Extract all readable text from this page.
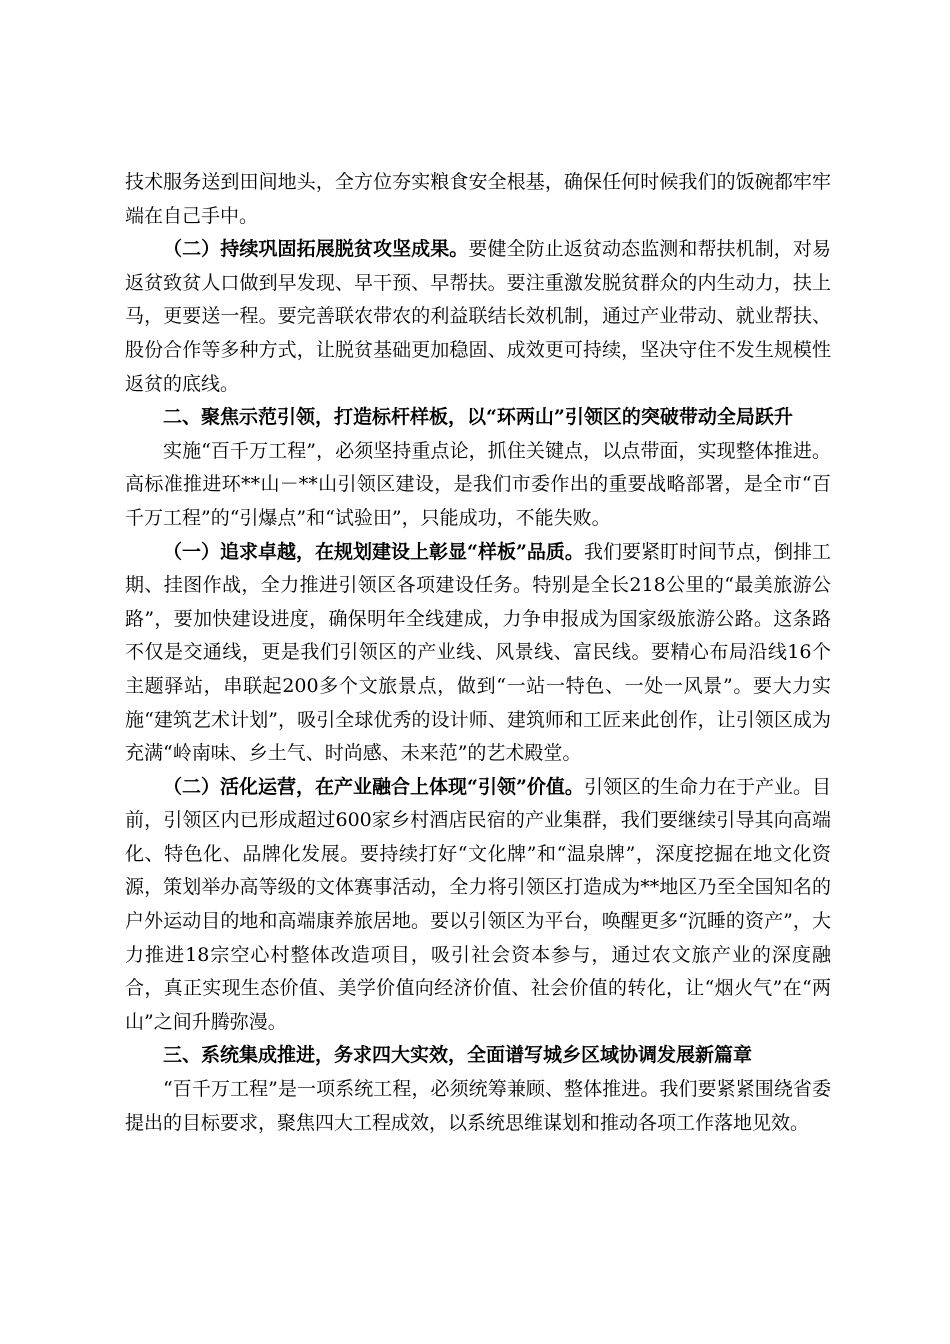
技术服务送到田间地头，全方位夯实粮食安全根基，确保任何时候我们的饭碗都牢牢端在自己手中。

（二）持续巩固拓展脱贫攻坚成果。要健全防止返贫动态监测和帮扶机制，对易返贫致贫人口做到早发现、早干预、早帮扶。要注重激发脱贫群众的内生动力，扶上马，更要送一程。要完善联农带农的利益联结长效机制，通过产业带动、就业帮扶、股份合作等多种方式，让脱贫基础更加稳固、成效更可持续，坚决守住不发生规模性返贫的底线。

二、聚焦示范引领，打造标杆样板，以“环两山”引领区的突破带动全局跃升

实施“百千万工程”，必须坚持重点论，抓住关键点，以点带面，实现整体推进。高标准推进环**山－**山引领区建设，是我们市委作出的重要战略部署，是全市“百千万工程”的“引爆点”和“试验田”，只能成功，不能失败。

（一）追求卓越，在规划建设上彰显“样板”品质。我们要紧盯时间节点，倒排工期、挂图作战，全力推进引领区各项建设任务。特别是全长218公里的“最美旅游公路”，要加快建设进度，确保明年全线建成，力争申报成为国家级旅游公路。这条路不仅是交通线，更是我们引领区的产业线、风景线、富民线。要精心布局沿线16个主题驿站，串联起200多个文旅景点，做到“一站一特色、一处一风景”。要大力实施“建筑艺术计划”，吸引全球优秀的设计师、建筑师和工匠来此创作，让引领区成为充满“岭南味、乡土气、时尚感、未来范”的艺术殿堂。

（二）活化运营，在产业融合上体现“引领”价值。引领区的生命力在于产业。目前，引领区内已形成超过600家乡村酒店民宿的产业集群，我们要继续引导其向高端化、特色化、品牌化发展。要持续打好“文化牌”和“温泉牌”，深度挖掘在地文化资源，策划举办高等级的文体赛事活动，全力将引领区打造成为**地区乃至全国知名的户外运动目的地和高端康养旅居地。要以引领区为平台，唤醒更多“沉睡的资产”，大力推进18宗空心村整体改造项目，吸引社会资本参与，通过农文旅产业的深度融合，真正实现生态价值、美学价值向经济价值、社会价值的转化，让“烟火气”在“两山”之间升腾弥漫。

三、系统集成推进，务求四大实效，全面谱写城乡区域协调发展新篇章

“百千万工程”是一项系统工程，必须统筹兼顾、整体推进。我们要紧紧围绕省委提出的目标要求，聚焦四大工程成效，以系统思维谋划和推动各项工作落地见效。
